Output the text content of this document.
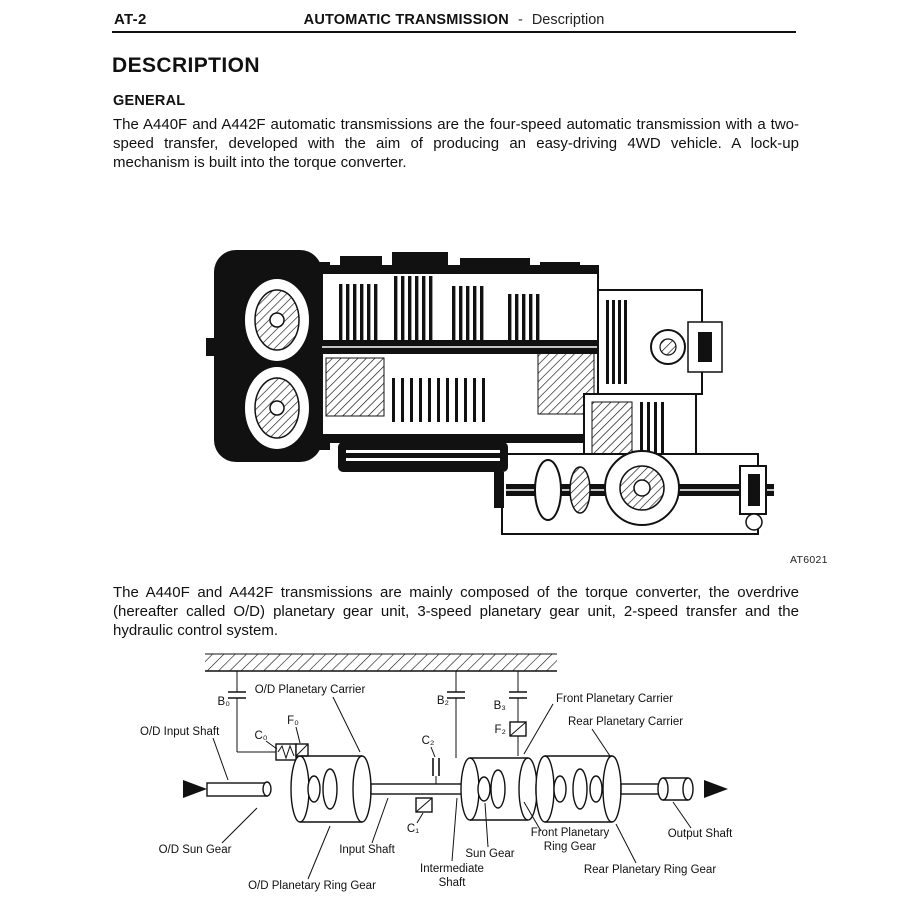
AT-2	AUTOMATIC TRANSMISSION - Description
DESCRIPTION
GENERAL

The A440F and A442F automatic transmissions are the four-speed automatic transmission with a two-speed transfer, developed with the aim of producing an easy-driving 4WD vehicle. A lock-up mechanism is built into the torque converter.

AT6021

The A440F and A442F transmissions are mainly composed of the torque converter, the overdrive (hereafter called O/D) planetary gear unit, 3-speed planetary gear unit, 2-speed transfer and the hydraulic control system.

B₀
O/D Planetary Carrier
B₂	B₃
F₂
Front Planetary Carrier
Rear Planetary Carrier
O/D Input Shaft
F₀
C₀	C₂
O/D Sun Gear
O/D Planetary Ring Gear
Input Shaft
C₁
Intermediate
Shaft
Sun Gear
Front Planetary
Ring Gear
Rear Planetary Ring Gear
Output Shaft
